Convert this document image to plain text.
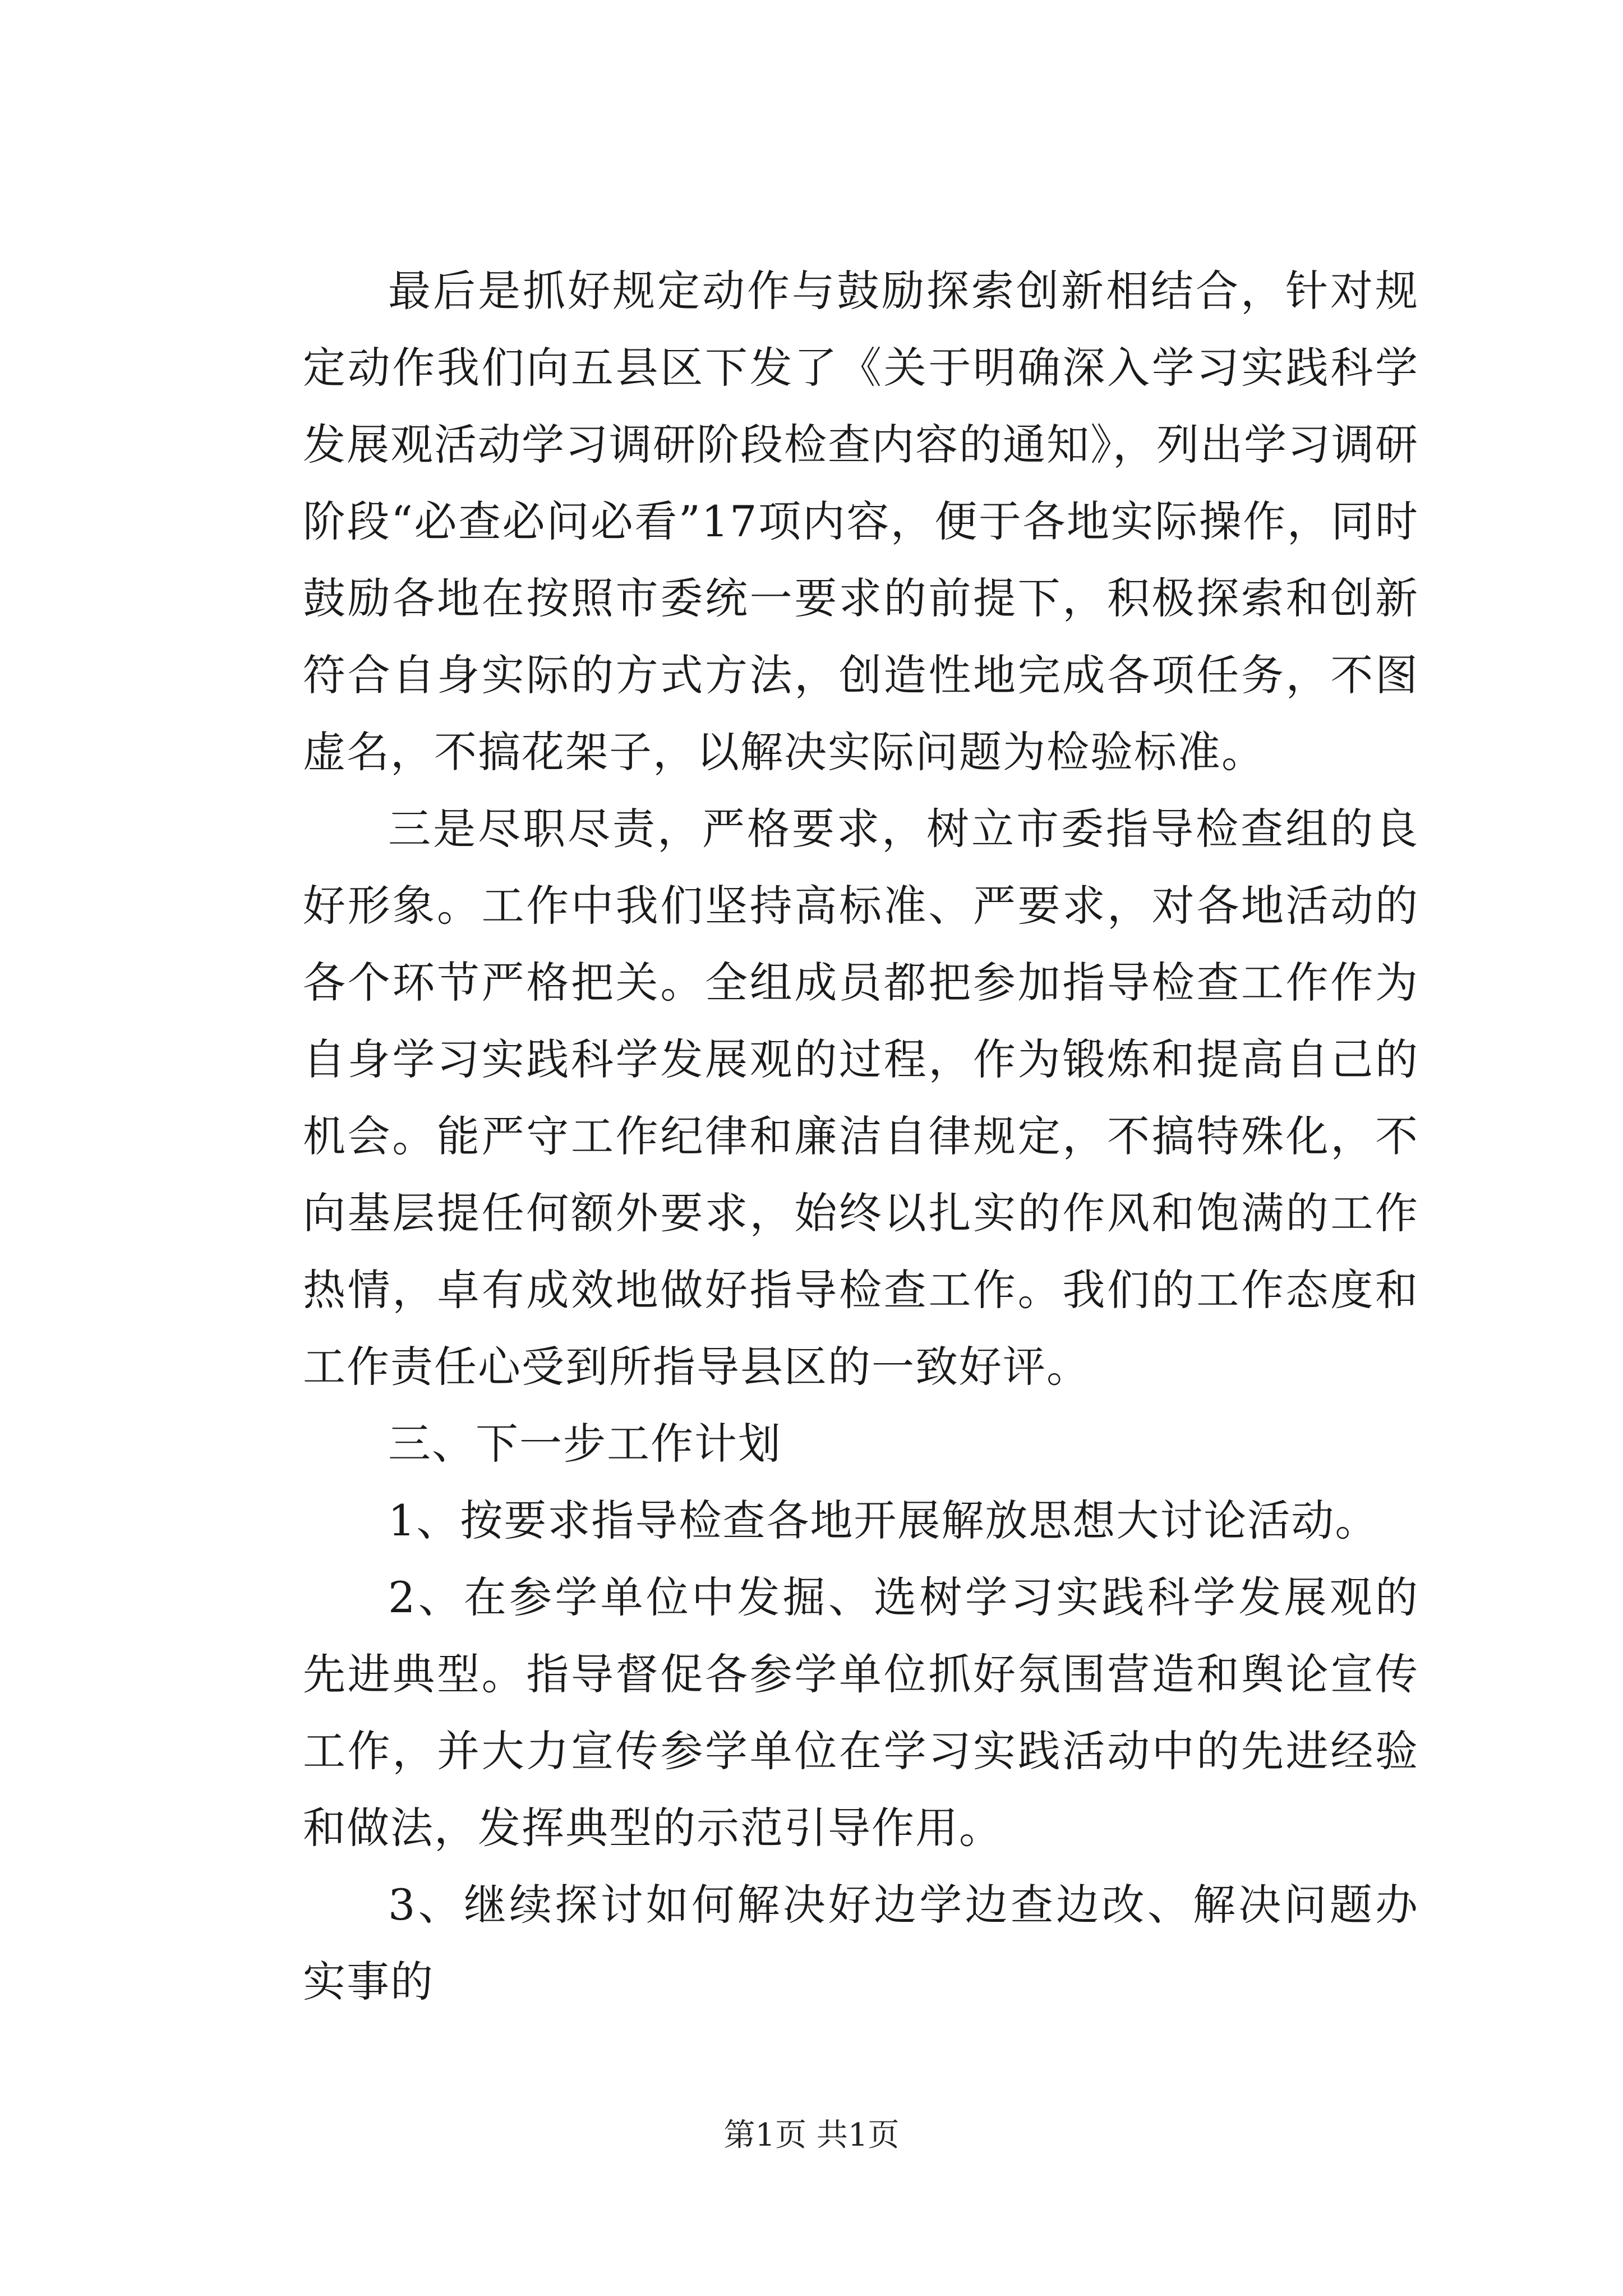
最后是抓好规定动作与鼓励探索创新相结合，针对规定动作我们向五县区下发了《关于明确深入学习实践科学发展观活动学习调研阶段检查内容的通知》，列出学习调研阶段“必查必问必看”17项内容，便于各地实际操作，同时鼓励各地在按照市委统一要求的前提下，积极探索和创新符合自身实际的方式方法，创造性地完成各项任务，不图虚名，不搞花架子，以解决实际问题为检验标准。

三是尽职尽责，严格要求，树立市委指导检查组的良好形象。工作中我们坚持高标准、严要求，对各地活动的各个环节严格把关。全组成员都把参加指导检查工作作为自身学习实践科学发展观的过程，作为锻炼和提高自己的机会。能严守工作纪律和廉洁自律规定，不搞特殊化，不向基层提任何额外要求，始终以扎实的作风和饱满的工作热情，卓有成效地做好指导检查工作。我们的工作态度和工作责任心受到所指导县区的一致好评。

三、下一步工作计划

1、按要求指导检查各地开展解放思想大讨论活动。

2、在参学单位中发掘、选树学习实践科学发展观的先进典型。指导督促各参学单位抓好氛围营造和舆论宣传工作，并大力宣传参学单位在学习实践活动中的先进经验和做法，发挥典型的示范引导作用。

3、继续探讨如何解决好边学边查边改、解决问题办实事的

第1页 共1页
